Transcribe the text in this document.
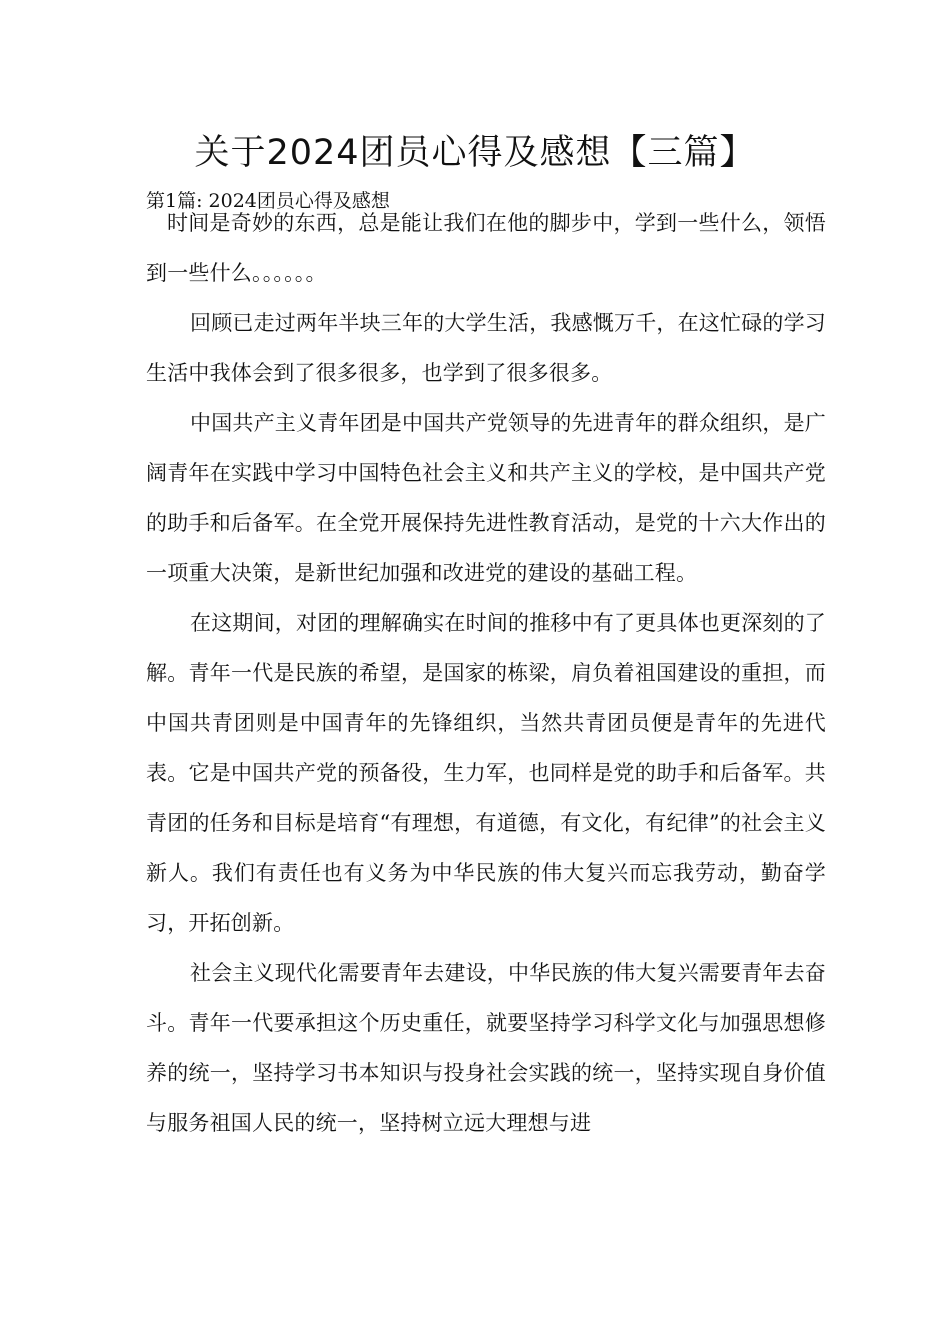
关于2024团员心得及感想【三篇】
第1篇: 2024团员心得及感想

时间是奇妙的东西，总是能让我们在他的脚步中，学到一些什么，领悟到一些什么。。。。。。

回顾已走过两年半块三年的大学生活，我感慨万千，在这忙碌的学习生活中我体会到了很多很多，也学到了很多很多。

中国共产主义青年团是中国共产党领导的先进青年的群众组织，是广阔青年在实践中学习中国特色社会主义和共产主义的学校，是中国共产党的助手和后备军。在全党开展保持先进性教育活动，是党的十六大作出的一项重大决策，是新世纪加强和改进党的建设的基础工程。

在这期间，对团的理解确实在时间的推移中有了更具体也更深刻的了解。青年一代是民族的希望，是国家的栋梁，肩负着祖国建设的重担，而中国共青团则是中国青年的先锋组织，当然共青团员便是青年的先进代表。它是中国共产党的预备役，生力军，也同样是党的助手和后备军。共青团的任务和目标是培育“有理想，有道德，有文化，有纪律”的社会主义新人。我们有责任也有义务为中华民族的伟大复兴而忘我劳动，勤奋学习，开拓创新。

社会主义现代化需要青年去建设，中华民族的伟大复兴需要青年去奋斗。青年一代要承担这个历史重任，就要坚持学习科学文化与加强思想修养的统一，坚持学习书本知识与投身社会实践的统一，坚持实现自身价值与服务祖国人民的统一，坚持树立远大理想与进
